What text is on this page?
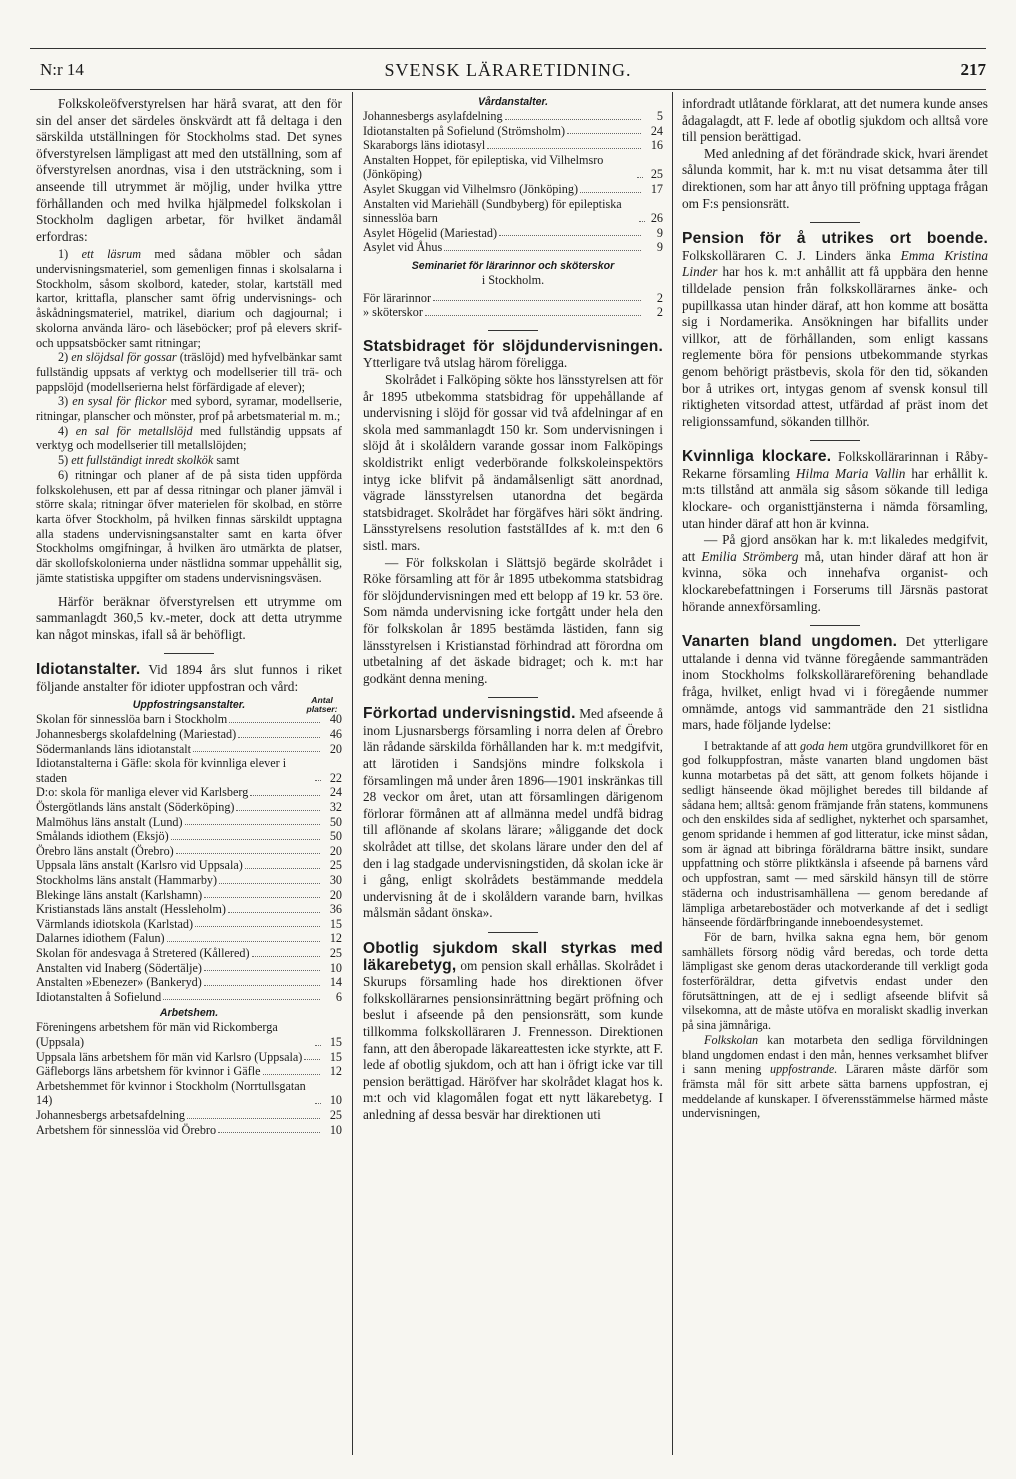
N:r 14	SVENSK LÄRARETIDNING.	217

Folkskoleöfverstyrelsen har härå svarat, att den för sin del anser det särdeles önskvärdt att få deltaga i den särskilda utställningen för Stockholms stad. Det synes öfverstyrelsen lämpligast att med den utställning, som af öfverstyrelsen anordnas, visa i den utsträckning, som i anseende till utrymmet är möjlig, under hvilka yttre förhållanden och med hvilka hjälpmedel folkskolan i Stockholm dagligen arbetar, för hvilket ändamål erfordras:

1) ett läsrum med sådana möbler och sådan undervisningsmateriel, som gemenligen finnas i skolsalarna i Stockholm, såsom skolbord, kateder, stolar, kartställ med kartor, krittafla, planscher samt öfrig undervisnings- och åskådningsmateriel, matrikel, diarium och dagjournal; i skolorna använda läro- och läseböcker; prof på elevers skrif- och uppsatsböcker samt ritningar;

2) en slöjdsal för gossar (träslöjd) med hyfvelbänkar samt fullständig uppsats af verktyg och modellserier till trä- och pappslöjd (modellserierna helst förfärdigade af elever);

3) en sysal för flickor med sybord, syramar, modellserie, ritningar, planscher och mönster, prof på arbetsmaterial m. m.;

4) en sal för metallslöjd med fullständig uppsats af verktyg och modellserier till metallslöjden;

5) ett fullständigt inredt skolkök samt

6) ritningar och planer af de på sista tiden uppförda folkskolehusen, ett par af dessa ritningar och planer jämväl i större skala; ritningar öfver materielen för skolbad, en större karta öfver Stockholm, på hvilken finnas särskildt upptagna alla stadens undervisningsanstalter samt en karta öfver Stockholms omgifningar, å hvilken äro utmärkta de platser, där skollofskolonierna under nästlidna sommar uppehållit sig, jämte statistiska uppgifter om stadens undervisningsväsen.

Härför beräknar öfverstyrelsen ett utrymme om sammanlagdt 360,5 kv.-meter, dock att detta utrymme kan något minskas, ifall så är behöfligt.

Idiotanstalter. Vid 1894 års slut funnos i riket följande anstalter för idioter uppfostran och vård:

Uppfostringsanstalter.	Antal platser:
Skolan för sinnesslöa barn i Stockholm	40
Johannesbergs skolafdelning (Mariestad)	46
Södermanlands läns idiotanstalt	20
Idiotanstalterna i Gäfle: skola för kvinnliga elever i staden	22
D:o: skola för manliga elever vid Karlsberg	24
Östergötlands läns anstalt (Söderköping)	32
Malmöhus läns anstalt (Lund)	50
Smålands idiothem (Eksjö)	50
Örebro läns anstalt (Örebro)	20
Uppsala läns anstalt (Karlsro vid Uppsala)	25
Stockholms läns anstalt (Hammarby)	30
Blekinge läns anstalt (Karlshamn)	20
Kristianstads läns anstalt (Hessleholm)	36
Värmlands idiotskola (Karlstad)	15
Dalarnes idiothem (Falun)	12
Skolan för andesvaga å Stretered (Kållered)	25
Anstalten vid Inaberg (Södertälje)	10
Anstalten »Ebenezer» (Bankeryd)	14
Idiotanstalten å Sofielund	6
Arbetshem.
Föreningens arbetshem för män vid Rickomberga (Uppsala)	15
Uppsala läns arbetshem för män vid Karlsro (Uppsala)	15
Gäfleborgs läns arbetshem för kvinnor i Gäfle	12
Arbetshemmet för kvinnor i Stockholm (Norrtullsgatan 14)	10
Johannesbergs arbetsafdelning	25
Arbetshem för sinnesslöa vid Örebro	10
Vårdanstalter.
Johannesbergs asylafdelning	5
Idiotanstalten på Sofielund (Strömsholm)	24
Skaraborgs läns idiotasyl	16
Anstalten Hoppet, för epileptiska, vid Vilhelmsro (Jönköping)	25
Asylet Skuggan vid Vilhelmsro (Jönköping)	17
Anstalten vid Mariehäll (Sundbyberg) för epileptiska sinnesslöa barn	26
Asylet Högelid (Mariestad)	9
Asylet vid Åhus	9
Seminariet för lärarinnor och sköterskor
i Stockholm.
För lärarinnor	2
» sköterskor	2

Statsbidraget för slöjdundervisningen. Ytterligare två utslag härom föreligga.

Skolrådet i Falköping sökte hos länsstyrelsen att för år 1895 utbekomma statsbidrag för uppehållande af undervisning i slöjd för gossar vid två afdelningar af en skola med sammanlagdt 150 kr. Som undervisningen i slöjd åt i skolåldern varande gossar inom Falköpings skoldistrikt enligt vederbörande folkskoleinspektörs intyg icke blifvit på ändamålsenligt sätt anordnad, vägrade länsstyrelsen utanordna det begärda statsbidraget. Skolrådet har förgäfves häri sökt ändring. Länsstyrelsens resolution faststälIdes af k. m:t den 6 sistl. mars.

— För folkskolan i Slättsjö begärde skolrådet i Röke församling att för år 1895 utbekomma statsbidrag för slöjdundervisningen med ett belopp af 19 kr. 53 öre. Som nämda undervisning icke fortgått under hela den för folkskolan år 1895 bestämda lästiden, fann sig länsstyrelsen i Kristianstad förhindrad att förordna om utbetalning af det äskade bidraget; och k. m:t har godkänt denna mening.

Förkortad undervisningstid. Med afseende å inom Ljusnarsbergs församling i norra delen af Örebro län rådande särskilda förhållanden har k. m:t medgifvit, att lärotiden i Sandsjöns mindre folkskola i församlingen må under åren 1896—1901 inskränkas till 28 veckor om året, utan att församlingen därigenom förlorar förmånen att af allmänna medel undfå bidrag till aflönande af skolans lärare; »åliggande det dock skolrådet att tillse, det skolans lärare under den del af den i lag stadgade undervisningstiden, då skolan icke är i gång, enligt skolrådets bestämmande meddela undervisning åt de i skolåldern varande barn, hvilkas målsmän sådant önska».

Obotlig sjukdom skall styrkas med läkarebetyg, om pension skall erhållas. Skolrådet i Skurups församling hade hos direktionen öfver folkskollärarnes pensionsinrättning begärt pröfning och beslut i afseende på den pensionsrätt, som kunde tillkomma folkskolläraren J. Frennesson. Direktionen fann, att den åberopade läkareattesten icke styrkte, att F. lede af obotlig sjukdom, och att han i öfrigt icke var till pension berättigad. Häröfver har skolrådet klagat hos k. m:t och vid klagomålen fogat ett nytt läkarebetyg. I anledning af dessa besvär har direktionen uti

infordradt utlåtande förklarat, att det numera kunde anses ådagalagdt, att F. lede af obotlig sjukdom och alltså vore till pension berättigad.

Med anledning af det förändrade skick, hvari ärendet sålunda kommit, har k. m:t nu visat detsamma åter till direktionen, som har att ånyo till pröfning upptaga frågan om F:s pensionsrätt.

Pension för å utrikes ort boende. Folkskolläraren C. J. Linders änka Emma Kristina Linder har hos k. m:t anhållit att få uppbära den henne tilldelade pension från folkskollärarnes änke- och pupillkassa utan hinder däraf, att hon komme att bosätta sig i Nordamerika. Ansökningen har bifallits under villkor, att de förhållanden, som enligt kassans reglemente böra för pensions utbekommande styrkas genom behörigt prästbevis, skola för den tid, sökanden bor å utrikes ort, intygas genom af svensk konsul till riktigheten vitsordad attest, utfärdad af präst inom det religionssamfund, sökanden tillhör.

Kvinnliga klockare. Folkskollärarinnan i Råby-Rekarne församling Hilma Maria Vallin har erhållit k. m:ts tillstånd att anmäla sig såsom sökande till lediga klockare- och organisttjänsterna i nämda församling, utan hinder däraf att hon är kvinna.

— På gjord ansökan har k. m:t likaledes medgifvit, att Emilia Strömberg må, utan hinder däraf att hon är kvinna, söka och innehafva organist- och klockarebefattningen i Forserums till Järsnäs pastorat hörande annexförsamling.

Vanarten bland ungdomen. Det ytterligare uttalande i denna vid tvänne föregående sammanträden inom Stockholms folkskollärareförening behandlade fråga, hvilket, enligt hvad vi i föregående nummer omnämde, antogs vid sammanträde den 21 sistlidna mars, hade följande lydelse:

I betraktande af att goda hem utgöra grundvillkoret för en god folkuppfostran, måste vanarten bland ungdomen bäst kunna motarbetas på det sätt, att genom folkets höjande i sedligt hänseende ökad möjlighet beredes till bildande af sådana hem; alltså: genom främjande från statens, kommunens och den enskildes sida af sedlighet, nykterhet och sparsamhet, genom spridande i hemmen af god litteratur, icke minst sådan, som är ägnad att bibringa föräldrarna bättre insikt, sundare uppfattning och större pliktkänsla i afseende på barnens vård och uppfostran, samt — med särskild hänsyn till de större städerna och industrisamhällena — genom beredande af lämpliga arbetarebostäder och motverkande af det i sedligt hänseende fördärfbringande inneboendesystemet.

För de barn, hvilka sakna egna hem, bör genom samhällets försorg nödig vård beredas, och torde detta lämpligast ske genom deras utackorderande till verkligt goda fosterföräldrar, detta gifvetvis endast under den förutsättningen, att de ej i sedligt afseende blifvit så vilsekomna, att de måste utöfva en moraliskt skadlig inverkan på sina jämnåriga.

Folkskolan kan motarbeta den sedliga förvildningen bland ungdomen endast i den mån, hennes verksamhet blifver i sann mening uppfostrande. Läraren måste därför som främsta mål för sitt arbete sätta barnens uppfostran, ej meddelande af kunskaper. I öfverensstämmelse härmed måste undervisningen,
